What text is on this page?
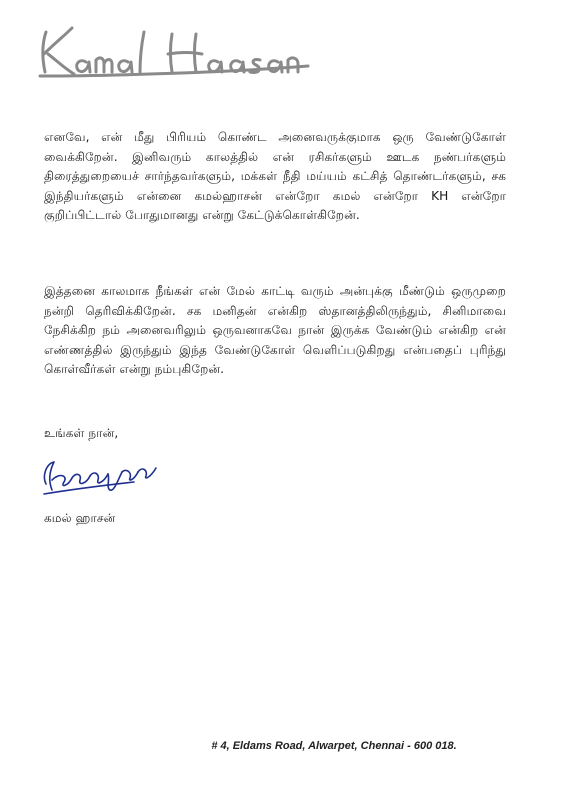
எனவே, என் மீது பிரியம் கொண்ட அனைவருக்குமாக ஒரு வேண்டுகோள் வைக்கிறேன். இனிவரும் காலத்தில் என் ரசிகர்களும் ஊடக நண்பர்களும் திரைத்துறையைச் சார்ந்தவர்களும், மக்கள் நீதி மய்யம் கட்சித் தொண்டர்களும், சக இந்தியர்களும் என்னை கமல்ஹாசன் என்றோ கமல் என்றோ KH என்றோ குறிப்பிட்டால் போதுமானது என்று கேட்டுக்கொள்கிறேன்.
இத்தனை காலமாக நீங்கள் என் மேல் காட்டி வரும் அன்புக்கு மீண்டும் ஒருமுறை நன்றி தெரிவிக்கிறேன். சக மனிதன் என்கிற ஸ்தானத்திலிருந்தும், சினிமாவை நேசிக்கிற நம் அனைவரிலும் ஒருவனாகவே நான் இருக்க வேண்டும் என்கிற என் எண்ணத்தில் இருந்தும் இந்த வேண்டுகோள் வெளிப்படுகிறது என்பதைப் புரிந்து கொள்வீர்கள் என்று நம்புகிறேன்.
உங்கள் நான்,
கமல் ஹாசன்
# 4, Eldams Road, Alwarpet, Chennai - 600 018.
